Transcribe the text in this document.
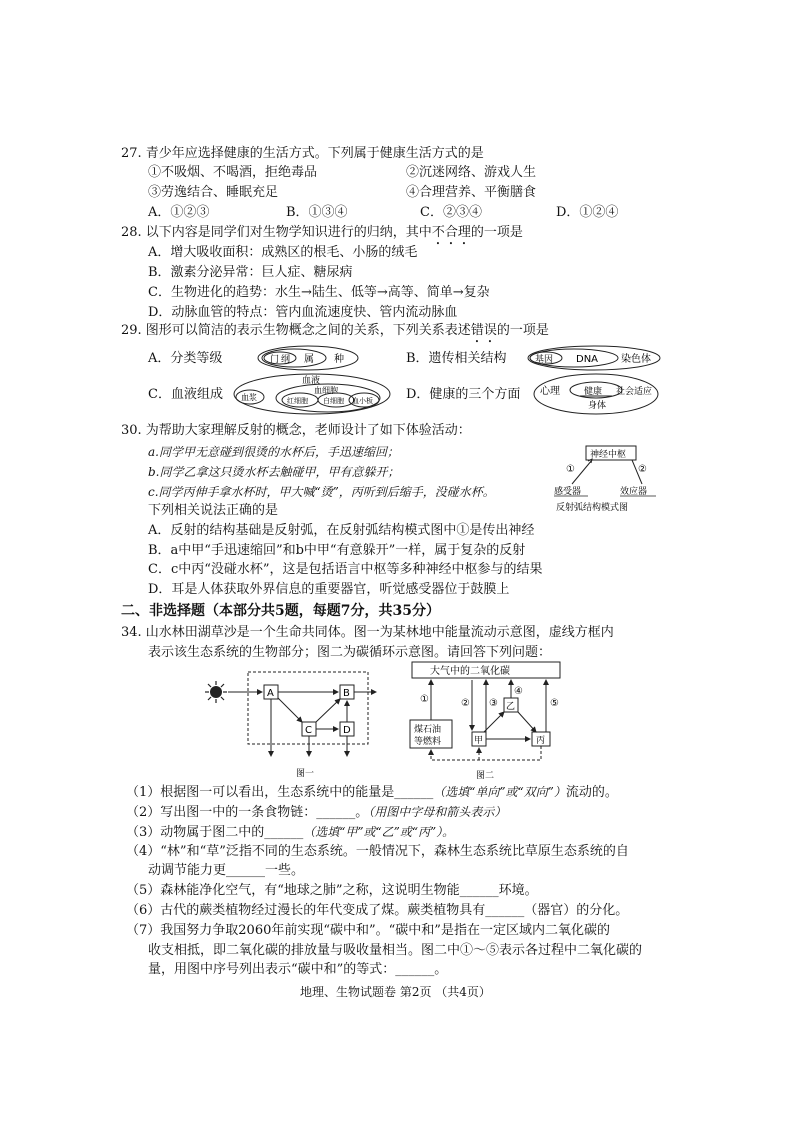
27. 青少年应选择健康的生活方式。下列属于健康生活方式的是
①不吸烟、不喝酒，拒绝毒品	②沉迷网络、游戏人生
③劳逸结合、睡眠充足	④合理营养、平衡膳食
A．①②③	B．①③④	C．②③④	D．①②④
28. 以下内容是同学们对生物学知识进行的归纳，其中不合理的一项是
A．增大吸收面积：成熟区的根毛、小肠的绒毛
B．激素分泌异常：巨人症、糖尿病
C．生物进化的趋势：水生→陆生、低等→高等、简单→复杂
D．动脉血管的特点：管内血流速度快、管内流动脉血
29. 图形可以简洁的表示生物概念之间的关系，下列关系表述错误的一项是
A．分类等级	门 纲 属 种	B．遗传相关结构	基因 DNA 染色体
C．血液组成
血液
血浆
血细胞
红细胞 白细胞 血小板	D．健康的三个方面 心理	健康 社会适应
身体
30. 为帮助大家理解反射的概念，老师设计了如下体验活动：
a.同学甲无意碰到很烫的水杯后，手迅速缩回；
b.同学乙拿这只烫水杯去触碰甲，甲有意躲开；
c.同学丙伸手拿水杯时，甲大喊“烫”，丙听到后缩手，没碰水杯。
下列相关说法正确的是
神经中枢
①	②
感受器	效应器
反射弧结构模式图
A．反射的结构基础是反射弧，在反射弧结构模式图中①是传出神经
B．a中甲“手迅速缩回”和b中甲“有意躲开”一样，属于复杂的反射
C．c中丙“没碰水杯”，这是包括语言中枢等多种神经中枢参与的结果
D．耳是人体获取外界信息的重要器官，听觉感受器位于鼓膜上
二、非选择题（本部分共5题，每题7分，共35分）
34. 山水林田湖草沙是一个生命共同体。图一为某林地中能量流动示意图，虚线方框内
表示该生态系统的生物部分；图二为碳循环示意图。请回答下列问题：
A	B
C	D
图一
大气中的二氧化碳
煤石油
等燃料	甲
乙
丙
①	② ③
④
⑤
图二
（1）根据图一可以看出，生态系统中的能量是______（选填“单向”或“双向”）流动的。
（2）写出图一中的一条食物链：______。（用图中字母和箭头表示）
（3）动物属于图二中的______（选填“甲”或“乙”或“丙”）。
（4）“林”和“草”泛指不同的生态系统。一般情况下，森林生态系统比草原生态系统的自
动调节能力更______一些。
（5）森林能净化空气，有“地球之肺”之称，这说明生物能______环境。
（6）古代的蕨类植物经过漫长的年代变成了煤。蕨类植物具有______（器官）的分化。
（7）我国努力争取2060年前实现“碳中和”。“碳中和”是指在一定区域内二氧化碳的
收支相抵，即二氧化碳的排放量与吸收量相当。图二中①～⑤表示各过程中二氧化碳的
量，用图中序号列出表示“碳中和”的等式：______。
地理、生物试题卷 第2页 （共4页）
